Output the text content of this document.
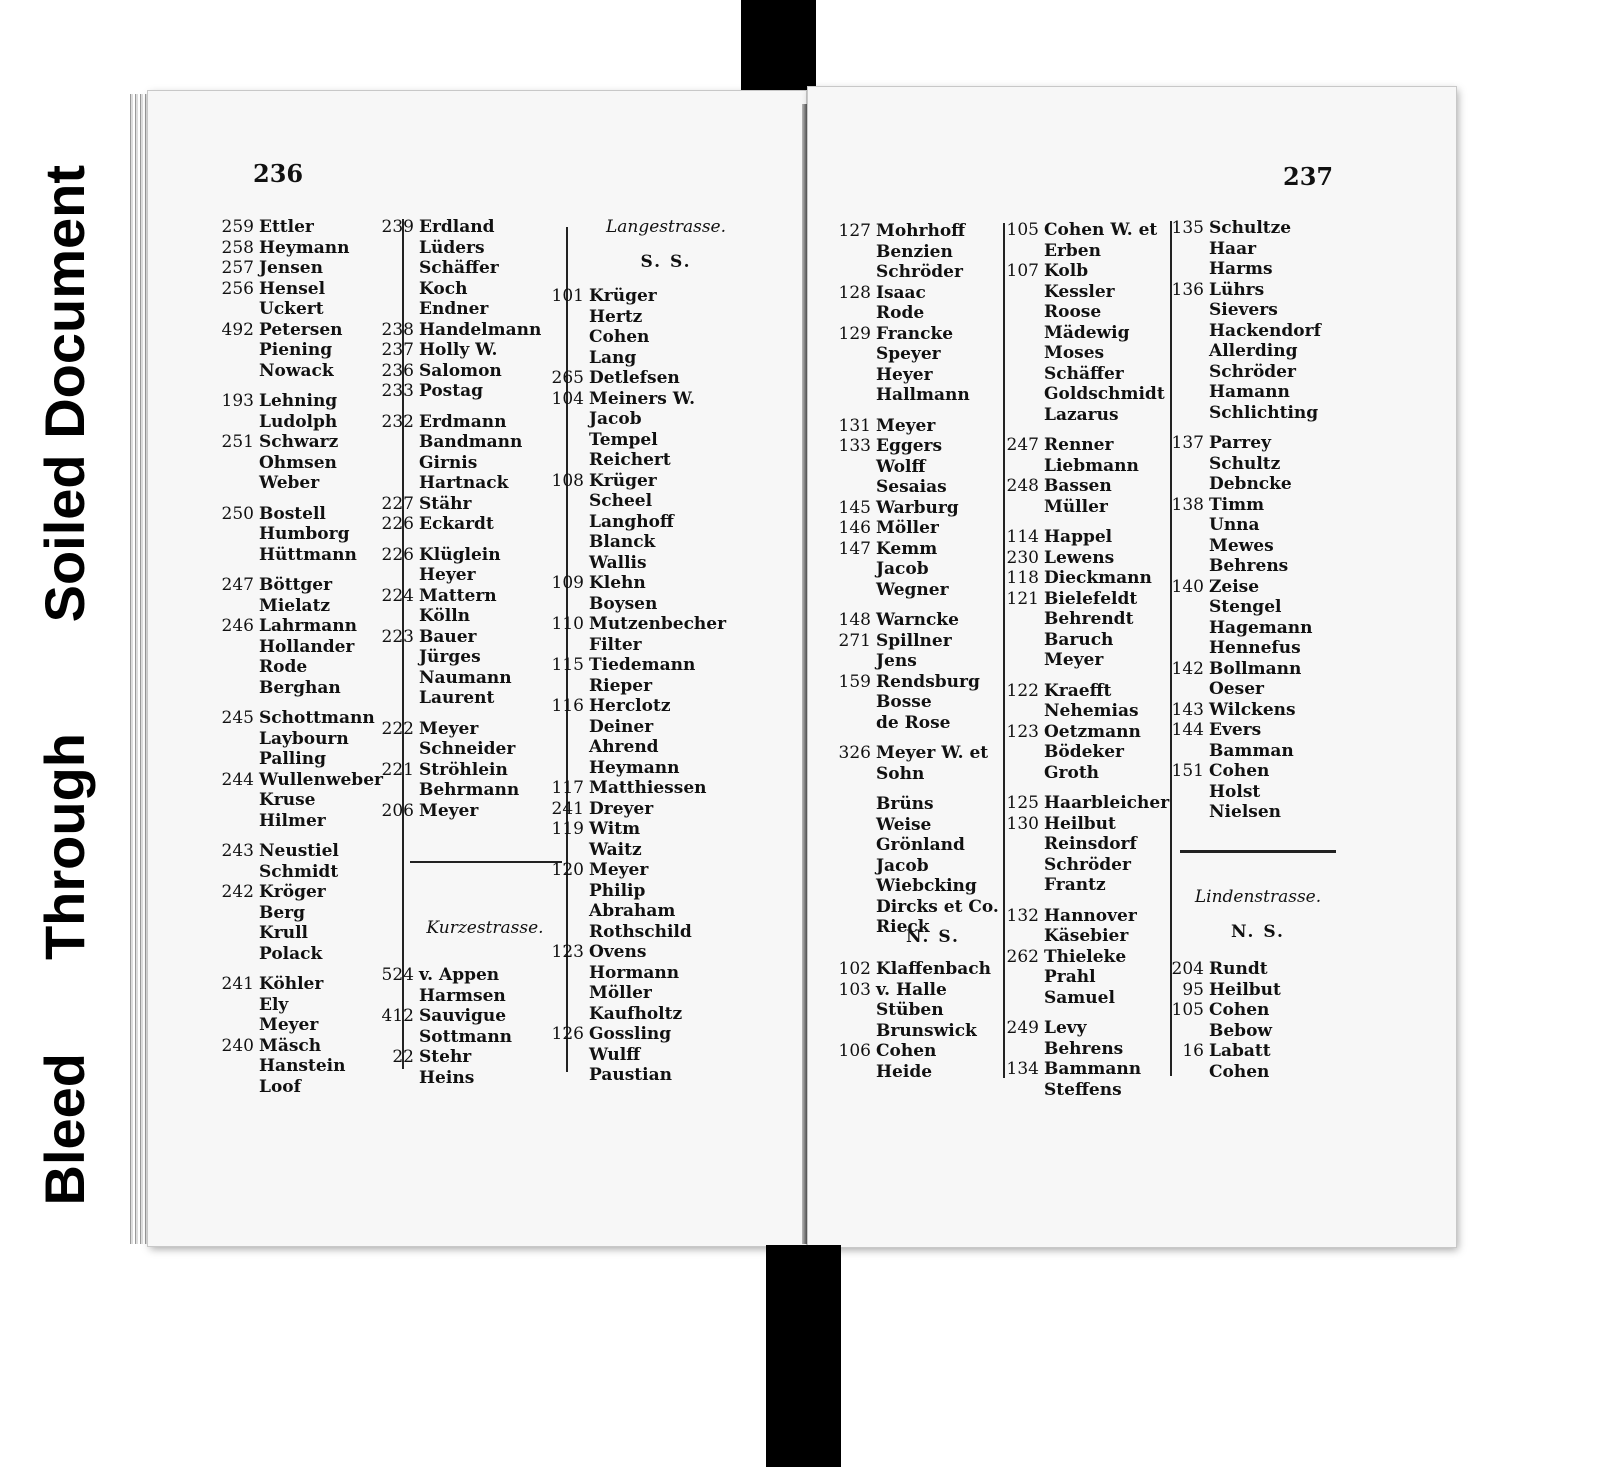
Bleed
Through
Soiled Document	236
259 Ettler
258 Heymann
257 Jensen
256 Hensel
Uckert
492 Petersen
Piening
Nowack
193 Lehning
Ludolph
251 Schwarz
Ohmsen
Weber
250 Bostell
Humborg
Hüttmann
247 Böttger
Mielatz
246 Lahrmann
Hollander
Rode
Berghan
245 Schottmann
Laybourn
Palling
244 Wullenweber
Kruse
Hilmer
243 Neustiel
Schmidt
242 Kröger
Berg
Krull
Polack
241 Köhler
Ely
Meyer
240 Mäsch
Hanstein
Loof
239 Erdland
Lüders
Schäffer
Koch
Endner
238 Handelmann
237 Holly W.
236 Salomon
233 Postag
232 Erdmann
Bandmann
Girnis
Hartnack
227 Stähr
226 Eckardt
226 Klüglein
Heyer
224 Mattern
Kölln
223 Bauer
Jürges
Naumann
Laurent
222 Meyer
Schneider
221 Ströhlein
Behrmann
206 Meyer
Kurzestrasse.
524 v. Appen
Harmsen
412 Sauvigue
Sottmann
22 Stehr
Heins
Langestrasse.
S. S.
101 Krüger
Hertz
Cohen
Lang
265 Detlefsen
104 Meiners W.
Jacob
Tempel
Reichert
108 Krüger
Scheel
Langhoff
Blanck
Wallis
109 Klehn
Boysen
110 Mutzenbecher
Filter
115 Tiedemann
Rieper
116 Herclotz
Deiner
Ahrend
Heymann
117 Matthiessen
241 Dreyer
119 Witm
Waitz
120 Meyer
Philip
Abraham
Rothschild
123 Ovens
Hormann
Möller
Kaufholtz
126 Gossling
Wulff
Paustian
237
127 Mohrhoff
Benzien
Schröder
128 Isaac
Rode
129 Francke
Speyer
Heyer
Hallmann
131 Meyer
133 Eggers
Wolff
Sesaias
145 Warburg
146 Möller
147 Kemm
Jacob
Wegner
148 Warncke
271 Spillner
Jens
159 Rendsburg
Bosse
de Rose
326 Meyer W. et
Sohn
Brüns
Weise
Grönland
Jacob
Wiebcking
Dircks et Co.
Rieck
N. S.
102 Klaffenbach
103 v. Halle
Stüben
Brunswick
106 Cohen
Heide
105 Cohen W. et
Erben
107 Kolb
Kessler
Roose
Mädewig
Moses
Schäffer
Goldschmidt
Lazarus
247 Renner
Liebmann
248 Bassen
Müller
114 Happel
230 Lewens
118 Dieckmann
121 Bielefeldt
Behrendt
Baruch
Meyer
122 Kraefft
Nehemias
123 Oetzmann
Bödeker
Groth
125 Haarbleicher
130 Heilbut
Reinsdorf
Schröder
Frantz
132 Hannover
Käsebier
262 Thieleke
Prahl
Samuel
249 Levy
Behrens
134 Bammann
Steffens
135 Schultze
Haar
Harms
136 Lührs
Sievers
Hackendorf
Allerding
Schröder
Hamann
Schlichting
137 Parrey
Schultz
Debncke
138 Timm
Unna
Mewes
Behrens
140 Zeise
Stengel
Hagemann
Hennefus
142 Bollmann
Oeser
143 Wilckens
144 Evers
Bamman
151 Cohen
Holst
Nielsen
Lindenstrasse.
N. S.
204 Rundt
95 Heilbut
105 Cohen
Bebow
16 Labatt
Cohen
